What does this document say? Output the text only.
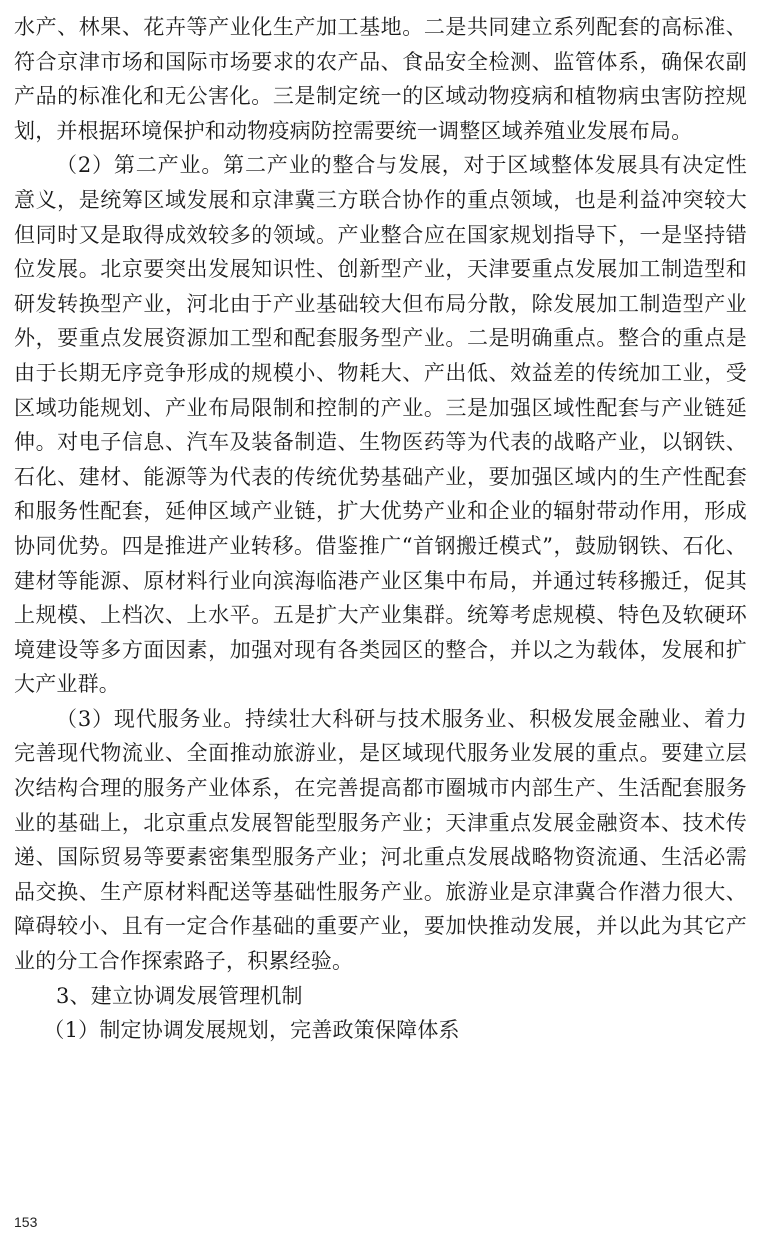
水产、林果、花卉等产业化生产加工基地。二是共同建立系列配套的高标准、符合京津市场和国际市场要求的农产品、食品安全检测、监管体系，确保农副产品的标准化和无公害化。三是制定统一的区域动物疫病和植物病虫害防控规划，并根据环境保护和动物疫病防控需要统一调整区域养殖业发展布局。

（2）第二产业。第二产业的整合与发展，对于区域整体发展具有决定性意义，是统筹区域发展和京津冀三方联合协作的重点领域，也是利益冲突较大但同时又是取得成效较多的领域。产业整合应在国家规划指导下，一是坚持错位发展。北京要突出发展知识性、创新型产业，天津要重点发展加工制造型和研发转换型产业，河北由于产业基础较大但布局分散，除发展加工制造型产业外，要重点发展资源加工型和配套服务型产业。二是明确重点。整合的重点是由于长期无序竞争形成的规模小、物耗大、产出低、效益差的传统加工业，受区域功能规划、产业布局限制和控制的产业。三是加强区域性配套与产业链延伸。对电子信息、汽车及装备制造、生物医药等为代表的战略产业，以钢铁、石化、建材、能源等为代表的传统优势基础产业，要加强区域内的生产性配套和服务性配套，延伸区域产业链，扩大优势产业和企业的辐射带动作用，形成协同优势。四是推进产业转移。借鉴推广“首钢搬迁模式”，鼓励钢铁、石化、建材等能源、原材料行业向滨海临港产业区集中布局，并通过转移搬迁，促其上规模、上档次、上水平。五是扩大产业集群。统筹考虑规模、特色及软硬环境建设等多方面因素，加强对现有各类园区的整合，并以之为载体，发展和扩大产业群。

（3）现代服务业。持续壮大科研与技术服务业、积极发展金融业、着力完善现代物流业、全面推动旅游业，是区域现代服务业发展的重点。要建立层次结构合理的服务产业体系，在完善提高都市圈城市内部生产、生活配套服务业的基础上，北京重点发展智能型服务产业；天津重点发展金融资本、技术传递、国际贸易等要素密集型服务产业；河北重点发展战略物资流通、生活必需品交换、生产原材料配送等基础性服务产业。旅游业是京津冀合作潜力很大、障碍较小、且有一定合作基础的重要产业，要加快推动发展，并以此为其它产业的分工合作探索路子，积累经验。

3、建立协调发展管理机制

（1）制定协调发展规划，完善政策保障体系

153
